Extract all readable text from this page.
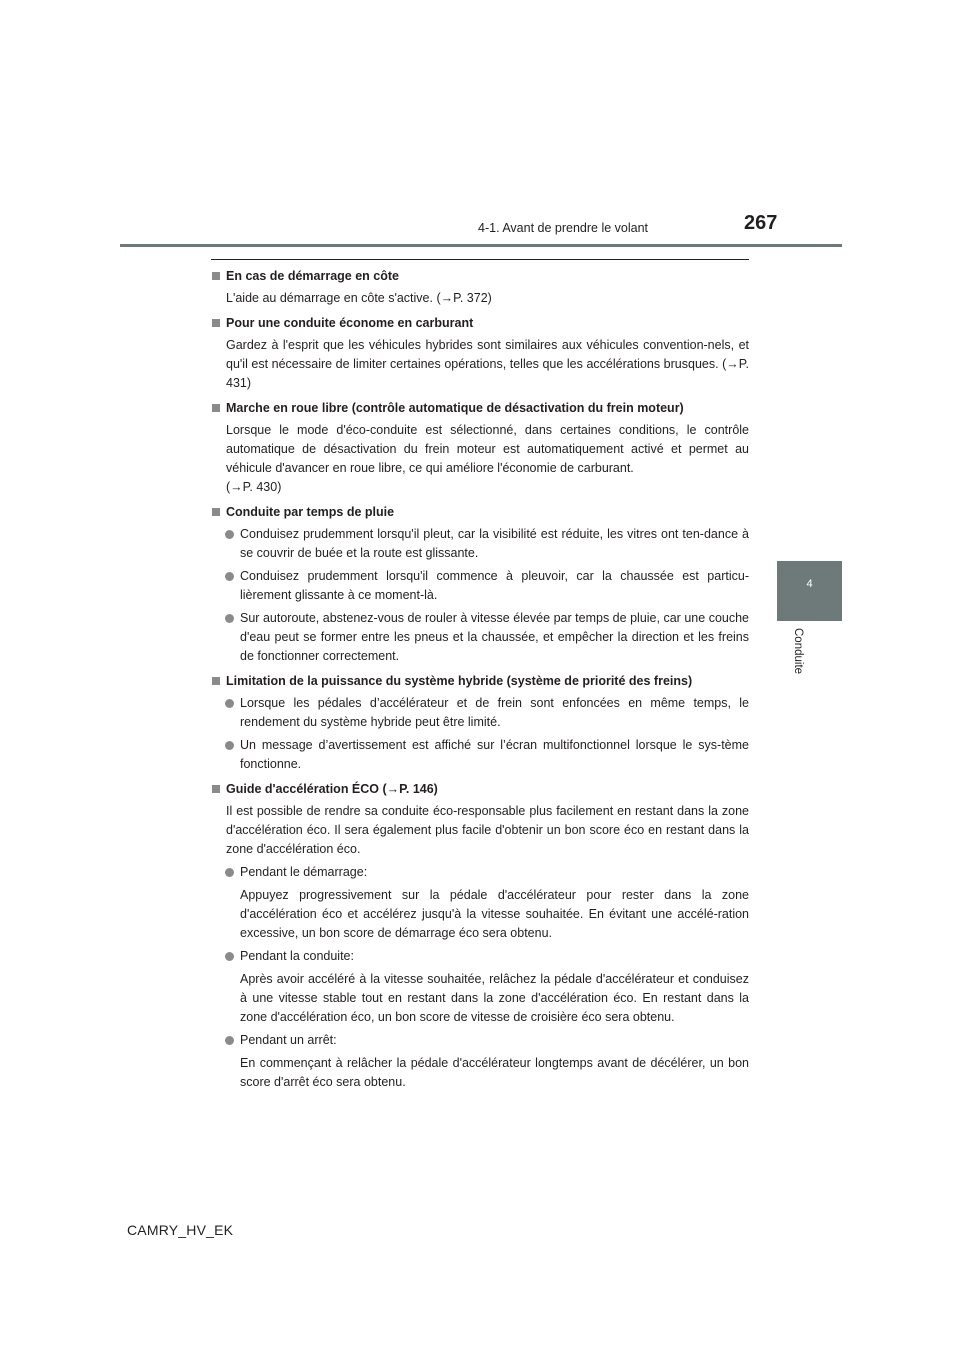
4-1. Avant de prendre le volant	267
4
Conduite
En cas de démarrage en côte
L'aide au démarrage en côte s'active. (→P. 372)
Pour une conduite économe en carburant
Gardez à l'esprit que les véhicules hybrides sont similaires aux véhicules convention-nels, et qu'il est nécessaire de limiter certaines opérations, telles que les accélérations brusques. (→P. 431)
Marche en roue libre (contrôle automatique de désactivation du frein moteur)
Lorsque le mode d'éco-conduite est sélectionné, dans certaines conditions, le contrôle automatique de désactivation du frein moteur est automatiquement activé et permet au véhicule d'avancer en roue libre, ce qui améliore l'économie de carburant.
(→P. 430)
Conduite par temps de pluie
Conduisez prudemment lorsqu'il pleut, car la visibilité est réduite, les vitres ont ten-dance à se couvrir de buée et la route est glissante.
Conduisez prudemment lorsqu'il commence à pleuvoir, car la chaussée est particu-lièrement glissante à ce moment-là.
Sur autoroute, abstenez-vous de rouler à vitesse élevée par temps de pluie, car une couche d'eau peut se former entre les pneus et la chaussée, et empêcher la direction et les freins de fonctionner correctement.
Limitation de la puissance du système hybride (système de priorité des freins)
Lorsque les pédales d’accélérateur et de frein sont enfoncées en même temps, le rendement du système hybride peut être limité.
Un message d’avertissement est affiché sur l’écran multifonctionnel lorsque le sys-tème fonctionne.
Guide d'accélération ÉCO (→P. 146)
Il est possible de rendre sa conduite éco-responsable plus facilement en restant dans la zone d'accélération éco. Il sera également plus facile d'obtenir un bon score éco en restant dans la zone d'accélération éco.
Pendant le démarrage:
Appuyez progressivement sur la pédale d'accélérateur pour rester dans la zone d'accélération éco et accélérez jusqu'à la vitesse souhaitée. En évitant une accélé-ration excessive, un bon score de démarrage éco sera obtenu.
Pendant la conduite:
Après avoir accéléré à la vitesse souhaitée, relâchez la pédale d'accélérateur et conduisez à une vitesse stable tout en restant dans la zone d'accélération éco. En restant dans la zone d'accélération éco, un bon score de vitesse de croisière éco sera obtenu.
Pendant un arrêt:
En commençant à relâcher la pédale d'accélérateur longtemps avant de décélérer, un bon score d'arrêt éco sera obtenu.
CAMRY_HV_EK
